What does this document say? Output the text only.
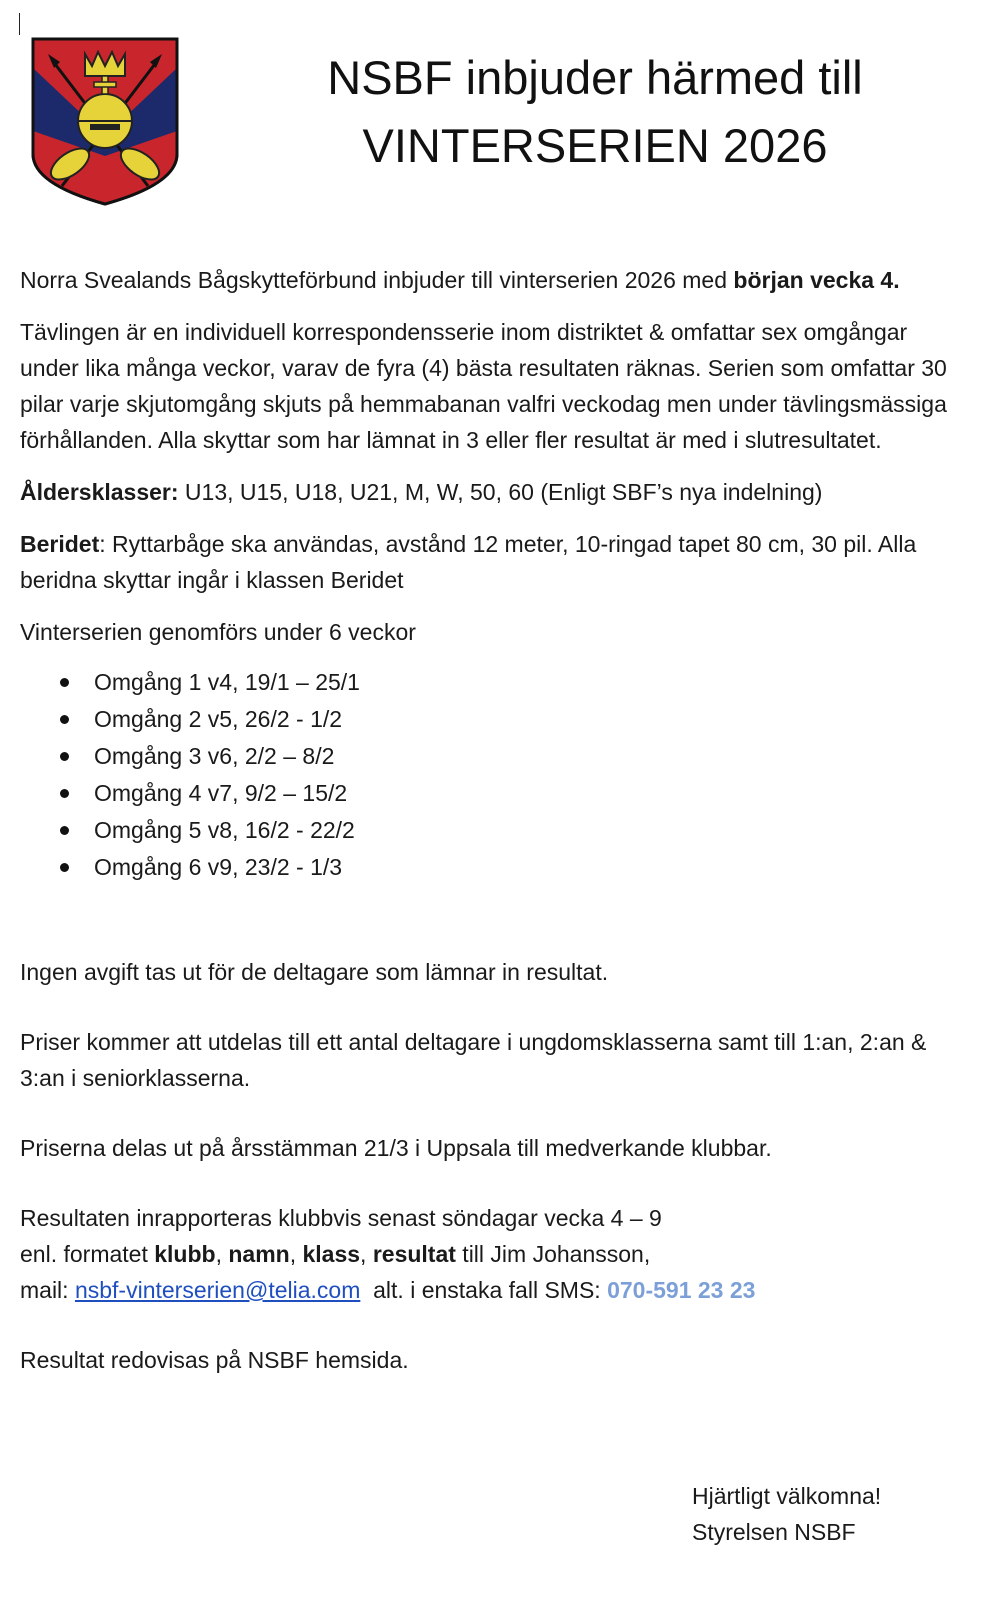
NSBF inbjuder härmed till
VINTERSERIEN 2026

Norra Svealands Bågskytteförbund inbjuder till vinterserien 2026 med början vecka 4.

Tävlingen är en individuell korrespondensserie inom distriktet & omfattar sex omgångar under lika många veckor, varav de fyra (4) bästa resultaten räknas. Serien som omfattar 30 pilar varje skjutomgång skjuts på hemmabanan valfri veckodag men under tävlingsmässiga förhållanden. Alla skyttar som har lämnat in 3 eller fler resultat är med i slutresultatet.

Åldersklasser: U13, U15, U18, U21, M, W, 50, 60 (Enligt SBF’s nya indelning)

Beridet: Ryttarbåge ska användas, avstånd 12 meter, 10-ringad tapet 80 cm, 30 pil. Alla beridna skyttar ingår i klassen Beridet

Vinterserien genomförs under 6 veckor

Omgång 1 v4, 19/1 – 25/1
Omgång 2 v5, 26/2 - 1/2
Omgång 3 v6, 2/2 – 8/2
Omgång 4 v7, 9/2 – 15/2
Omgång 5 v8, 16/2 - 22/2
Omgång 6 v9, 23/2 - 1/3

Ingen avgift tas ut för de deltagare som lämnar in resultat.

Priser kommer att utdelas till ett antal deltagare i ungdomsklasserna samt till 1:an, 2:an & 3:an i seniorklasserna.

Priserna delas ut på årsstämman 21/3 i Uppsala till medverkande klubbar.

Resultaten inrapporteras klubbvis senast söndagar vecka 4 – 9

enl. formatet klubb, namn, klass, resultat till Jim Johansson,

mail: nsbf-vinterserien@telia.com  alt. i enstaka fall SMS: 070-591 23 23

Resultat redovisas på NSBF hemsida.

Hjärtligt välkomna!
Styrelsen NSBF
